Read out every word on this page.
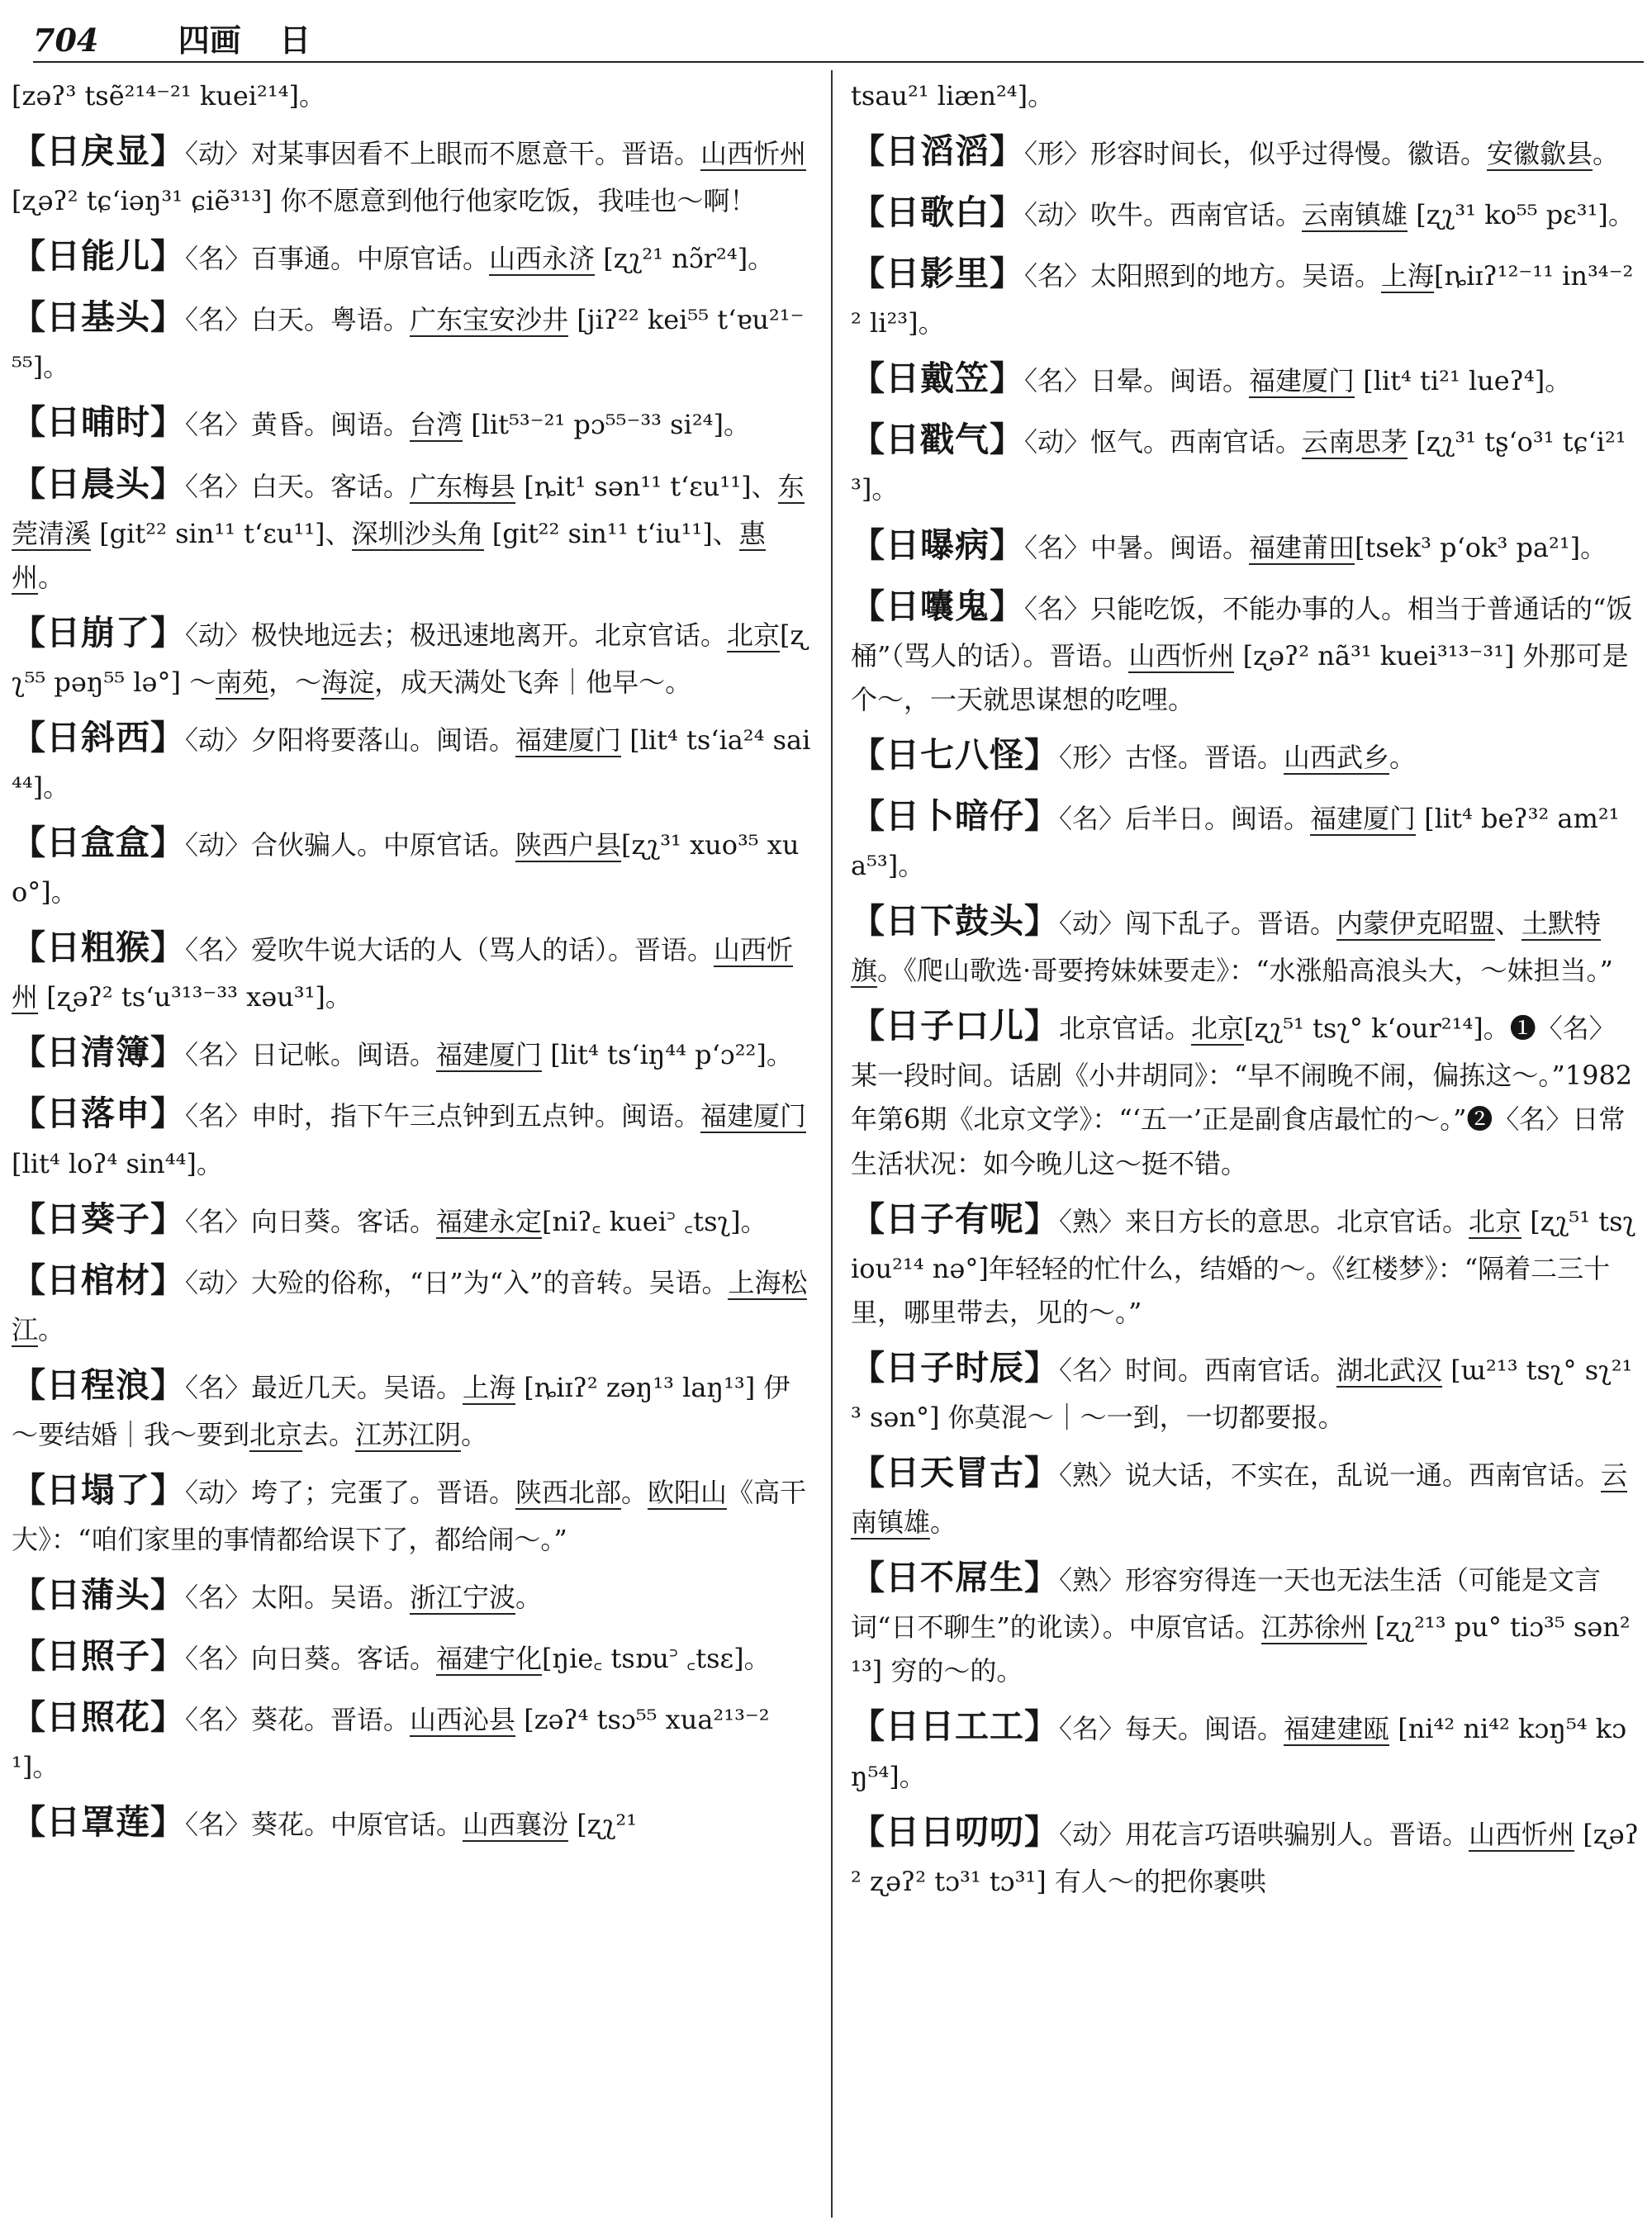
704	四画 日
[zəʔ³ tsẽ²¹⁴⁻²¹ kuei²¹⁴]。
【日戾显】〈动〉对某事因看不上眼而不愿意干。晋语。山西忻州 [ʐəʔ² tɕʻiəŋ³¹ ɕiẽ³¹³] 你不愿意到他行他家吃饭，我哇也～啊！
【日能儿】〈名〉百事通。中原官话。山西永济 [ʐʅ²¹ nɔ̃r²⁴]。
【日基头】〈名〉白天。粤语。广东宝安沙井 [jiʔ²² kei⁵⁵ tʻɐu²¹⁻⁵⁵]。
【日晡时】〈名〉黄昏。闽语。台湾 [lit⁵³⁻²¹ pɔ⁵⁵⁻³³ si²⁴]。
【日晨头】〈名〉白天。客话。广东梅县 [ȵit¹ sən¹¹ tʻɛu¹¹]、东莞清溪 [git²² sin¹¹ tʻɛu¹¹]、深圳沙头角 [git²² sin¹¹ tʻiu¹¹]、惠州。
【日崩了】〈动〉极快地远去；极迅速地离开。北京官话。北京[ʐʅ⁵⁵ pəŋ⁵⁵ lə°] ～南苑，～海淀，成天满处飞奔｜他早～。
【日斜西】〈动〉夕阳将要落山。闽语。福建厦门 [lit⁴ tsʻia²⁴ sai⁴⁴]。
【日盒盒】〈动〉合伙骗人。中原官话。陕西户县[ʐʅ³¹ xuo³⁵ xuo°]。
【日粗猴】〈名〉爱吹牛说大话的人（骂人的话）。晋语。山西忻州 [ʐəʔ² tsʻu³¹³⁻³³ xəu³¹]。
【日清簿】〈名〉日记帐。闽语。福建厦门 [lit⁴ tsʻiŋ⁴⁴ pʻɔ²²]。
【日落申】〈名〉申时，指下午三点钟到五点钟。闽语。福建厦门 [lit⁴ loʔ⁴ sin⁴⁴]。
【日葵子】〈名〉向日葵。客话。福建永定[niʔ꜀ kuei꜄ ꜀tsʅ]。
【日棺材】〈动〉大殓的俗称，“日”为“入”的音转。吴语。上海松江。
【日程浪】〈名〉最近几天。吴语。上海 [ȵiɪʔ² zəŋ¹³ laŋ¹³] 伊～要结婚｜我～要到北京去。江苏江阴。
【日塌了】〈动〉垮了；完蛋了。晋语。陕西北部。欧阳山《高干大》：“咱们家里的事情都给误下了，都给闹～。”
【日蒲头】〈名〉太阳。吴语。浙江宁波。
【日照子】〈名〉向日葵。客话。福建宁化[ŋie꜀ tsɒu꜄ ꜀tsɛ]。
【日照花】〈名〉葵花。晋语。山西沁县 [zəʔ⁴ tsɔ⁵⁵ xua²¹³⁻²¹]。
【日罩莲】〈名〉葵花。中原官话。山西襄汾 [ʐʅ²¹
tsau²¹ liæn²⁴]。
【日滔滔】〈形〉形容时间长，似乎过得慢。徽语。安徽歙县。
【日歌白】〈动〉吹牛。西南官话。云南镇雄 [ʐʅ³¹ ko⁵⁵ pɛ³¹]。
【日影里】〈名〉太阳照到的地方。吴语。上海[ȵiɪʔ¹²⁻¹¹ in³⁴⁻²² li²³]。
【日戴笠】〈名〉日晕。闽语。福建厦门 [lit⁴ ti²¹ lueʔ⁴]。
【日戳气】〈动〉怄气。西南官话。云南思茅 [ʐʅ³¹ tʂʻo³¹ tɕʻi²¹³]。
【日曝病】〈名〉中暑。闽语。福建莆田[tsek³ pʻok³ pa²¹]。
【日囔鬼】〈名〉只能吃饭，不能办事的人。相当于普通话的“饭桶”（骂人的话）。晋语。山西忻州 [ʐəʔ² nã³¹ kuei³¹³⁻³¹] 外那可是个～，一天就思谋想的吃哩。
【日七八怪】〈形〉古怪。晋语。山西武乡。
【日卜暗仔】〈名〉后半日。闽语。福建厦门 [lit⁴ beʔ³² am²¹ a⁵³]。
【日下鼓头】〈动〉闯下乱子。晋语。内蒙伊克昭盟、土默特旗。《爬山歌选·哥要挎妹妹要走》：“水涨船高浪头大，～妹担当。”
【日子口儿】北京官话。北京[ʐʅ⁵¹ tsʅ° kʻour²¹⁴]。❶〈名〉某一段时间。话剧《小井胡同》：“早不闹晚不闹，偏拣这～。”1982年第6期《北京文学》：“‘五一’正是副食店最忙的～。”❷〈名〉日常生活状况：如今晚儿这～挺不错。
【日子有呢】〈熟〉来日方长的意思。北京官话。北京 [ʐʅ⁵¹ tsʅ iou²¹⁴ nə°]年轻轻的忙什么，结婚的～。《红楼梦》：“隔着二三十里，哪里带去，见的～。”
【日子时辰】〈名〉时间。西南官话。湖北武汉 [ɯ²¹³ tsʅ° sʅ²¹³ sən°] 你莫混～｜～一到，一切都要报。
【日天冒古】〈熟〉说大话，不实在，乱说一通。西南官话。云南镇雄。
【日不屌生】〈熟〉形容穷得连一天也无法生活（可能是文言词“日不聊生”的讹读）。中原官话。江苏徐州 [ʐʅ²¹³ pu° tiɔ³⁵ sən²¹³] 穷的～的。
【日日工工】〈名〉每天。闽语。福建建瓯 [ni⁴² ni⁴² kɔŋ⁵⁴ kɔŋ⁵⁴]。
【日日叨叨】〈动〉用花言巧语哄骗别人。晋语。山西忻州 [ʐəʔ² ʐəʔ² tɔ³¹ tɔ³¹] 有人～的把你裹哄
